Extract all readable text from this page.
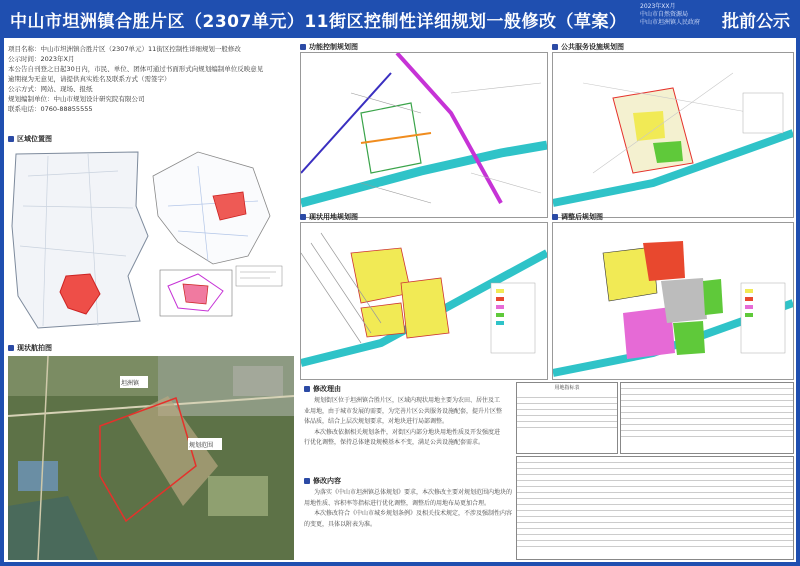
中山市坦洲镇合胜片区（2307单元）11街区控制性详细规划一般修改（草案）
2023年XX月
中山市自然资源局
中山市坦洲镇人民政府 批前公示
项目名称：中山市坦洲镇合胜片区（2307单元）11街区控制性详细规划一般修改
公示时间：2023年X月
本公告自刊登之日起30日内，市民、单位、团体可通过书面形式向规划编制单位反映意见
逾期视为无意见，请提供真实姓名及联系方式（需签字）
公示方式：网站、现场、报纸
规划编制单位：中山市规划设计研究院有限公司
联系电话：0760-88855555
区域位置图
现状航拍图
坦洲镇
规划范围
功能控制规划图	公共服务设施规划图
现状用地规划图	调整后规划图
修改理由

规划街区位于坦洲镇合胜片区，区域内现状用地主要为农田、居住及工业用地，由于城市发展的需要，为完善片区公共服务设施配套，提升片区整体品质，结合上层次规划要求，对地块进行局部调整。

本次修改依据相关规划条件，对街区内部分地块用地性质及开发强度进行优化调整，保持总体建设规模基本不变，满足公共设施配套需求。

修改内容

为落实《中山市坦洲镇总体规划》要求，本次修改主要对规划范围内地块的用地性质、容积率等指标进行优化调整，调整后的用地布局更加合理。

本次修改符合《中山市城乡规划条例》及相关技术规定，不涉及强制性内容的变更，具体以附表为准。

用地指标表
